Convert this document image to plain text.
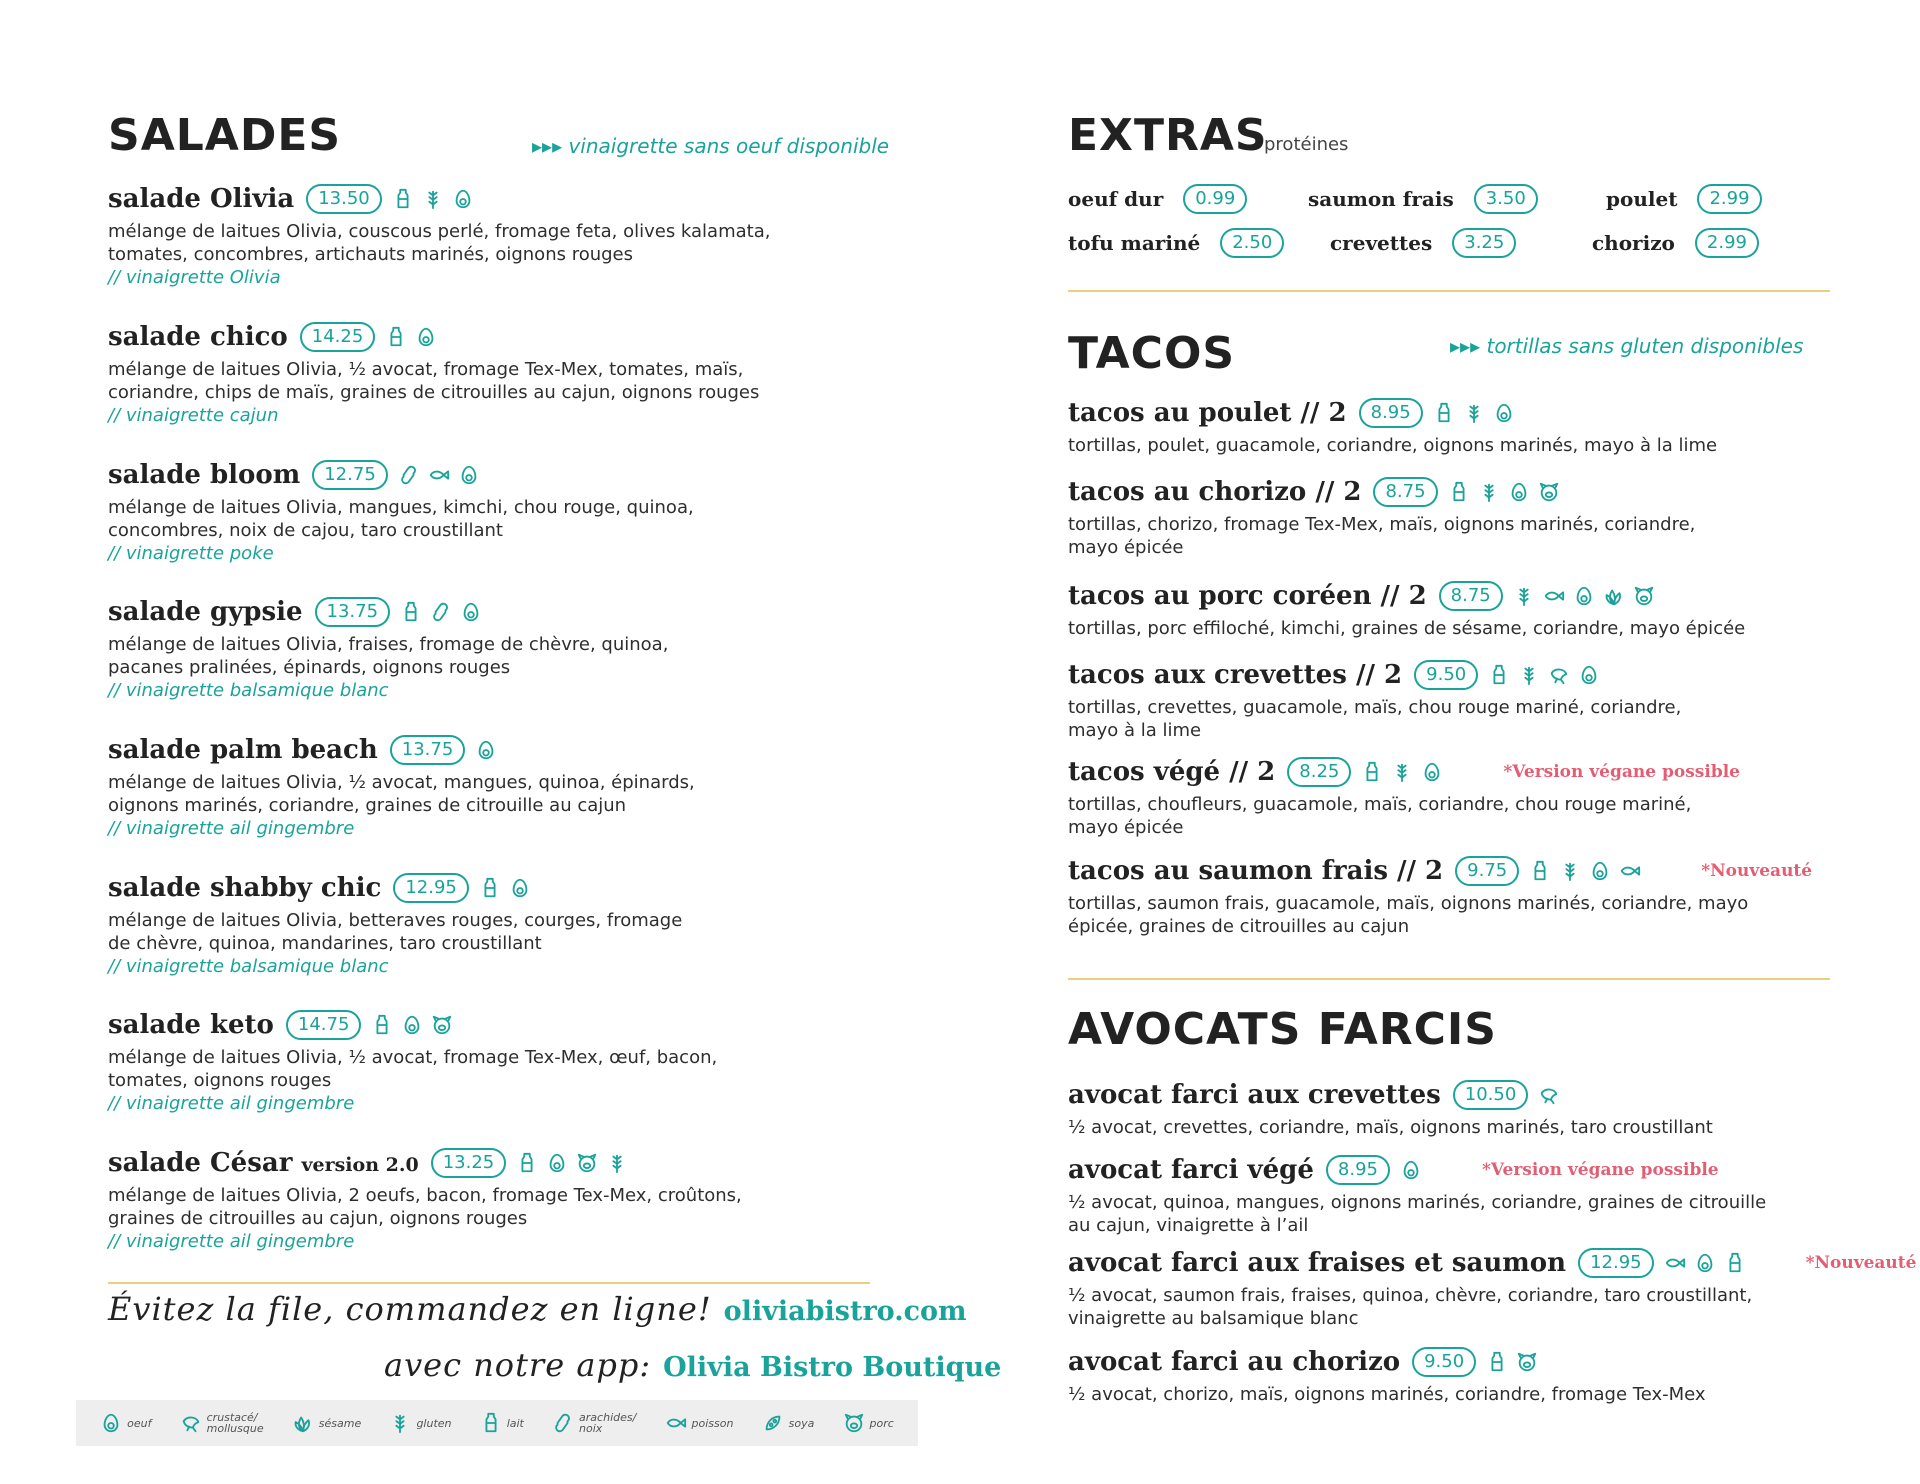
SALADES	▸▸▸ vinaigrette sans oeuf disponible
salade Olivia	13.50
mélange de laitues Olivia, couscous perlé, fromage feta, olives kalamata,
tomates, concombres, artichauts marinés, oignons rouges
// vinaigrette Olivia
salade chico	14.25
mélange de laitues Olivia, ½ avocat, fromage Tex-Mex, tomates, maïs,
coriandre, chips de maïs, graines de citrouilles au cajun, oignons rouges
// vinaigrette cajun
salade bloom	12.75
mélange de laitues Olivia, mangues, kimchi, chou rouge, quinoa,
concombres, noix de cajou, taro croustillant
// vinaigrette poke
salade gypsie	13.75
mélange de laitues Olivia, fraises, fromage de chèvre, quinoa,
pacanes pralinées, épinards, oignons rouges
// vinaigrette balsamique blanc
salade palm beach	13.75
mélange de laitues Olivia, ½ avocat, mangues, quinoa, épinards,
oignons marinés, coriandre, graines de citrouille au cajun
// vinaigrette ail gingembre
salade shabby chic	12.95
mélange de laitues Olivia, betteraves rouges, courges, fromage
de chèvre, quinoa, mandarines, taro croustillant
// vinaigrette balsamique blanc
salade keto	14.75
mélange de laitues Olivia, ½ avocat, fromage Tex-Mex, œuf, bacon,
tomates, oignons rouges
// vinaigrette ail gingembre
salade César version 2.0	13.25
mélange de laitues Olivia, 2 oeufs, bacon, fromage Tex-Mex, croûtons,
graines de citrouilles au cajun, oignons rouges
// vinaigrette ail gingembre
Évitez la file, commandez en ligne! oliviabistro.com
avec notre app: Olivia Bistro Boutique
oeuf	crustacé/
mollusque	sésame	gluten	lait	arachides/
noix	poisson	soya	porc
EXTRAS
protéines
oeuf dur	0.99	saumon frais	3.50	poulet	2.99
tofu mariné	2.50	crevettes	3.25	chorizo	2.99
TACOS	▸▸▸ tortillas sans gluten disponibles
tacos au poulet // 2	8.95
tortillas, poulet, guacamole, coriandre, oignons marinés, mayo à la lime
tacos au chorizo // 2	8.75
tortillas, chorizo, fromage Tex-Mex, maïs, oignons marinés, coriandre,
mayo épicée
tacos au porc coréen // 2	8.75
tortillas, porc effiloché, kimchi, graines de sésame, coriandre, mayo épicée
tacos aux crevettes // 2	9.50
tortillas, crevettes, guacamole, maïs, chou rouge mariné, coriandre,
mayo à la lime
tacos végé // 2	8.25	*Version végane possible
tortillas, choufleurs, guacamole, maïs, coriandre, chou rouge mariné,
mayo épicée
tacos au saumon frais // 2	9.75	*Nouveauté
tortillas, saumon frais, guacamole, maïs, oignons marinés, coriandre, mayo
épicée, graines de citrouilles au cajun
AVOCATS FARCIS
avocat farci aux crevettes	10.50
½ avocat, crevettes, coriandre, maïs, oignons marinés, taro croustillant
avocat farci végé	8.95	*Version végane possible
½ avocat, quinoa, mangues, oignons marinés, coriandre, graines de citrouille
au cajun, vinaigrette à l’ail
avocat farci aux fraises et saumon	12.95	*Nouveauté
½ avocat, saumon frais, fraises, quinoa, chèvre, coriandre, taro croustillant,
vinaigrette au balsamique blanc
avocat farci au chorizo	9.50
½ avocat, chorizo, maïs, oignons marinés, coriandre, fromage Tex-Mex
